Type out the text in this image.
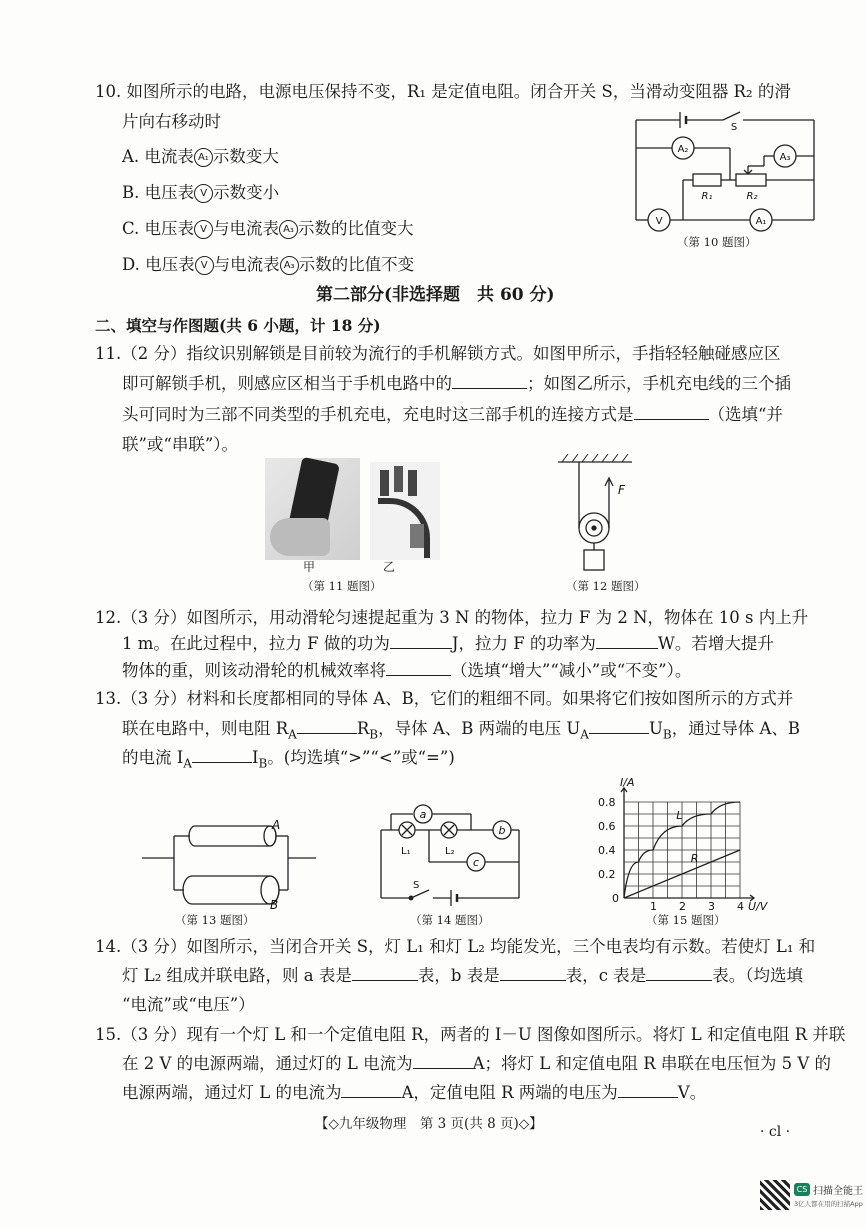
10. 如图所示的电路，电源电压保持不变，R₁ 是定值电阻。闭合开关 S，当滑动变阻器 R₂ 的滑
片向右移动时
A. 电流表 A₁ 示数变大
B. 电压表 V 示数变小
C. 电压表 V 与电流表 A₃ 示数的比值变大
D. 电压表 V 与电流表 A₃ 示数的比值不变
S
A₂
A₃
V	A₁
R₁	R₂
（第 10 题图）
第二部分(非选择题　共 60 分)
二、填空与作图题(共 6 小题，计 18 分)
11.（2 分）指纹识别解锁是目前较为流行的手机解锁方式。如图甲所示，手指轻轻触碰感应区
即可解锁手机，则感应区相当于手机电路中的	；如图乙所示，手机充电线的三个插
头可同时为三部不同类型的手机充电，充电时这三部手机的连接方式是	（选填“并
联”或“串联”）。
甲	乙
（第 11 题图）
F
（第 12 题图）
12.（3 分）如图所示，用动滑轮匀速提起重为 3 N 的物体，拉力 F 为 2 N，物体在 10 s 内上升
1 m。在此过程中，拉力 F 做的功为	J，拉力 F 的功率为	W。若增大提升
物体的重，则该动滑轮的机械效率将	（选填“增大”“减小”或“不变”）。
13.（3 分）材料和长度都相同的导体 A、B，它们的粗细不同。如果将它们按如图所示的方式并
联在电路中，则电阻 $R_A$	$R_B$，导体 A、B 两端的电压 $U_A$	$U_B$，通过导体 A、B
的电流 $I_A$	$I_B$。(均选填“>”“<”或“=”)
A
B
（第 13 题图）
a
b
c
L₁	L₂
S
（第 14 题图）
1 2 3 4
0.2
0.4
0.6
0.8
0
U/V
I/A
L
R
（第 15 题图）
14.（3 分）如图所示，当闭合开关 S，灯 L₁ 和灯 L₂ 均能发光，三个电表均有示数。若使灯 L₁ 和
灯 L₂ 组成并联电路，则 a 表是	表，b 表是	表，c 表是	表。（均选填
“电流”或“电压”）
15.（3 分）现有一个灯 L 和一个定值电阻 R，两者的 I－U 图像如图所示。将灯 L 和定值电阻 R 并联
在 2 V 的电源两端，通过灯的 L 电流为	A；将灯 L 和定值电阻 R 串联在电压恒为 5 V 的
电源两端，通过灯 L 的电流为	A，定值电阻 R 两端的电压为	V。
【◇九年级物理　第 3 页(共 8 页)◇】	· cl ·
CS 扫描全能王
3亿人都在用的扫描App
